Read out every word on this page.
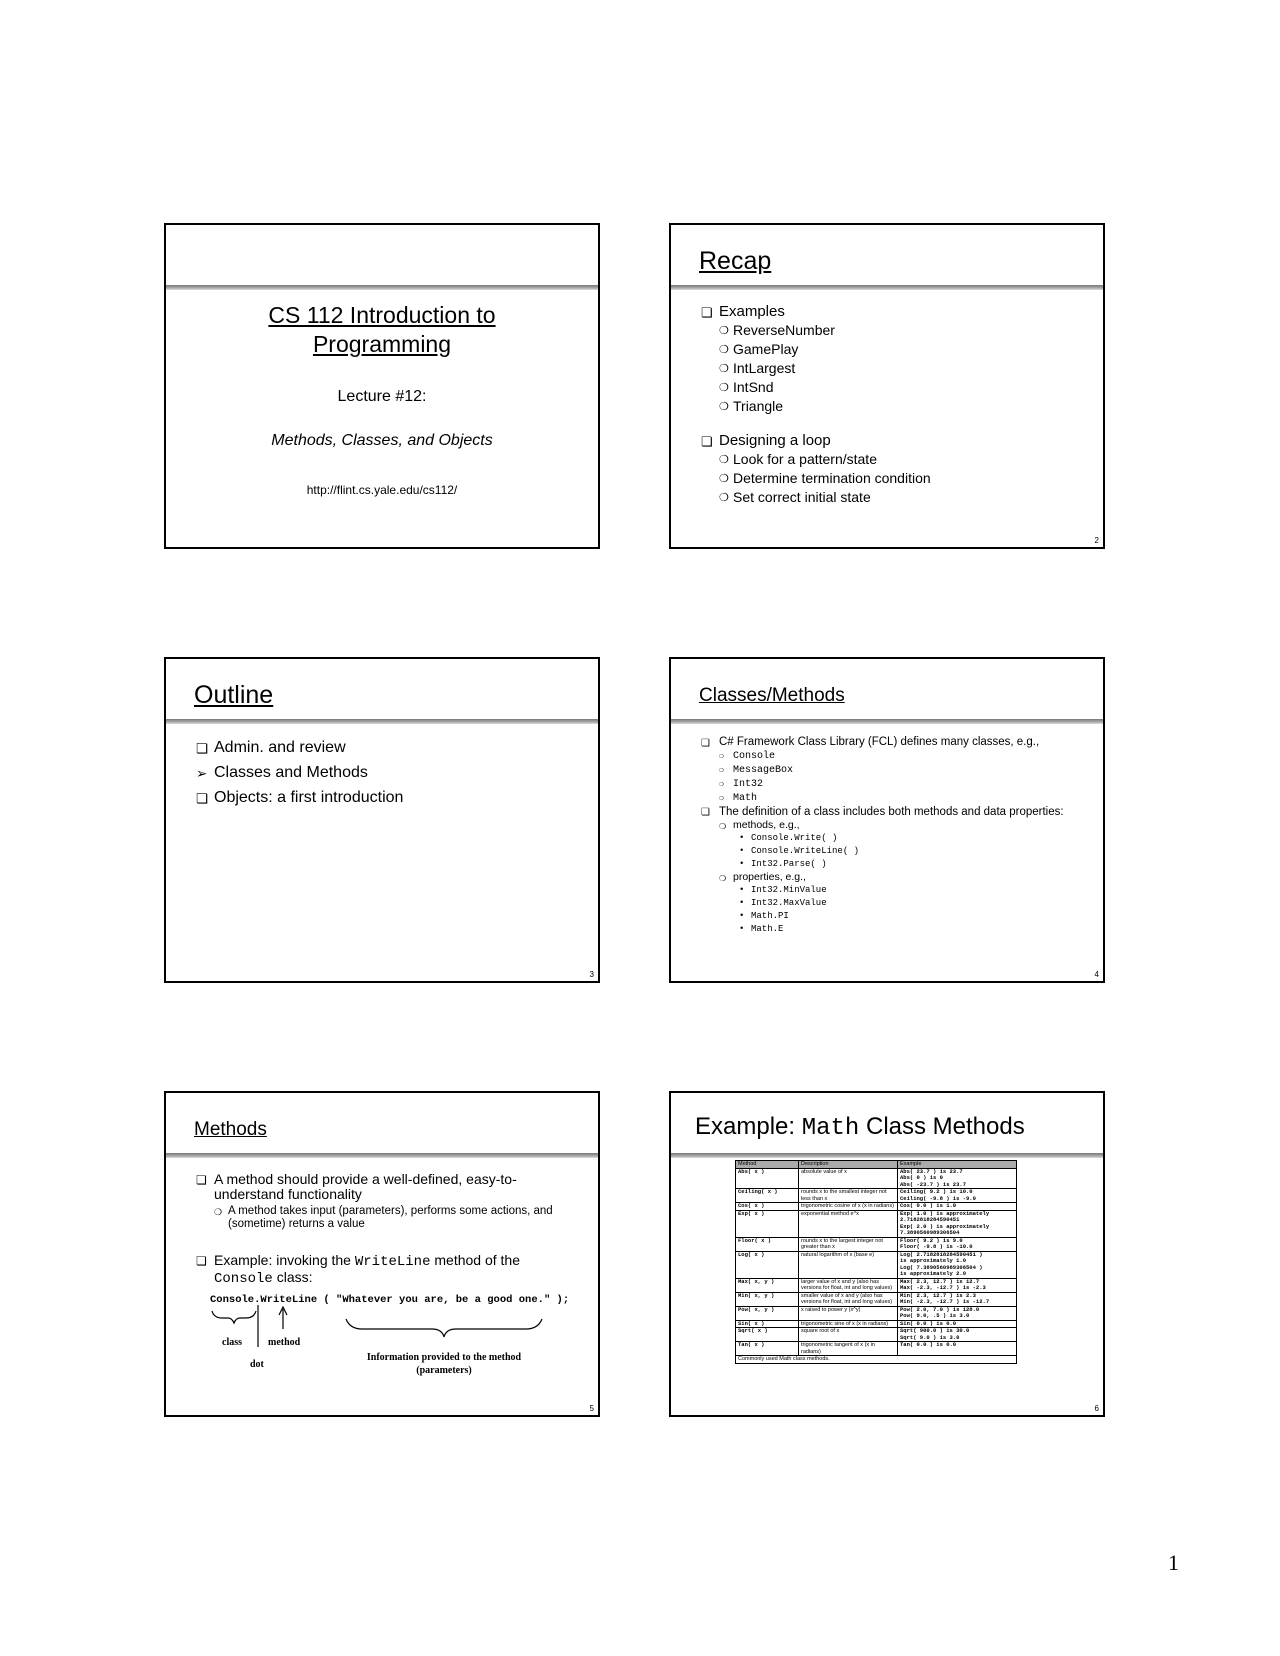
CS 112 Introduction to
Programming
Lecture #12:
Methods, Classes, and Objects
http://flint.cs.yale.edu/cs112/
Recap
❏ Examples
❍ ReverseNumber
❍ GamePlay
❍ IntLargest
❍ IntSnd
❍ Triangle
❏ Designing a loop
❍ Look for a pattern/state
❍ Determine termination condition
❍ Set correct initial state
2
Outline
❏ Admin. and review
➢ Classes and Methods
❏ Objects: a first introduction
3
Classes/Methods
❏ C# Framework Class Library (FCL) defines many classes, e.g.,
❍ Console
❍ MessageBox
❍ Int32
❍ Math
❏ The definition of a class includes both methods and data properties:
❍ methods, e.g.,
• Console.Write( )
• Console.WriteLine( )
• Int32.Parse( )
❍ properties, e.g.,
• Int32.MinValue
• Int32.MaxValue
• Math.PI
• Math.E
4
Methods
❏ A method should provide a well-defined, easy-to-understand functionality
❍ A method takes input (parameters), performs some actions, and (sometime) returns a value
❏ Example: invoking the WriteLine method of the Console class:
Console.WriteLine ( "Whatever you are, be a good one." );
class	method
dot
Information provided to the method
(parameters)
5
Example: Math Class Methods
Method	Description	Example
Abs( x )	absolute value of x	Abs( 23.7 ) is 23.7
Abs( 0 ) is 0
Abs( -23.7 ) is 23.7

Ceiling( x )	rounds x to the smallest integer not less than x	Ceiling( 9.2 ) is 10.0
Ceiling( -9.8 ) is -9.0

Cos( x )	trigonometric cosine of x (x in radians)	Cos( 0.0 ) is 1.0

Exp( x )	exponential method e^x	Exp( 1.0 ) is approximately
2.7182818284590451
Exp( 2.0 ) is approximately
7.3890560989306504

Floor( x )	rounds x to the largest integer not greater than x	Floor( 9.2 ) is 9.0
Floor( -9.8 ) is -10.0

Log( x )	natural logarithm of x (base e)	Log( 2.7182818284590451 )
is approximately 1.0
Log( 7.3890560989306504 )
is approximately 2.0

Max( x, y )	larger value of x and y (also has versions for float, int and long values)	Max( 2.3, 12.7 ) is 12.7
Max( -2.3, -12.7 ) is -2.3

Min( x, y )	smaller value of x and y (also has versions for float, int and long values)	Min( 2.3, 12.7 ) is 2.3
Min( -2.3, -12.7 ) is -12.7

Pow( x, y )	x raised to power y (x^y)	Pow( 2.0, 7.0 ) is 128.0
Pow( 9.0, .5 ) is 3.0

Sin( x )	trigonometric sine of x (x in radians)	Sin( 0.0 ) is 0.0

Sqrt( x )	square root of x	Sqrt( 900.0 ) is 30.0
Sqrt( 9.0 ) is 3.0

Tan( x )	trigonometric tangent of x (x in radians)	Tan( 0.0 ) is 0.0

Commonly used Math class methods.		
6
1
